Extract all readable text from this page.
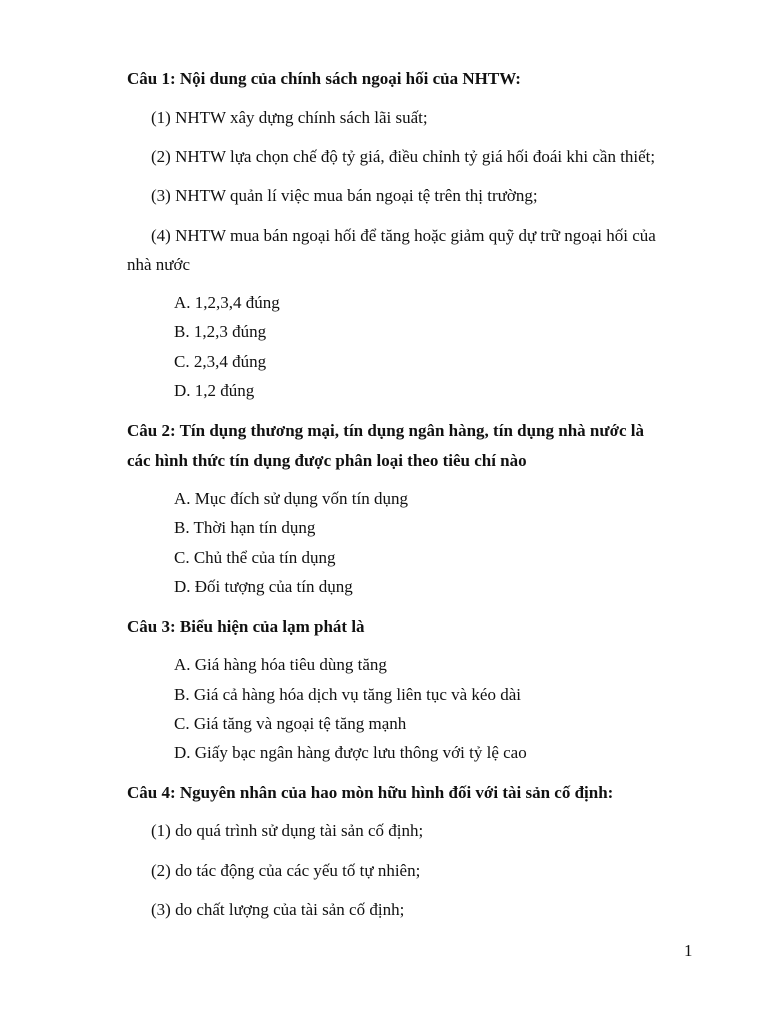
Câu 1: Nội dung của chính sách ngoại hối của NHTW:
(1) NHTW xây dựng chính sách lãi suất;
(2) NHTW lựa chọn chế độ tỷ giá, điều chỉnh tỷ giá hối đoái khi cần thiết;
(3) NHTW quản lí việc mua bán ngoại tệ trên thị trường;
(4) NHTW mua bán ngoại hối để tăng hoặc giảm quỹ dự trữ ngoại hối của
nhà nước
A. 1,2,3,4 đúng
B. 1,2,3 đúng
C. 2,3,4 đúng
D. 1,2 đúng
Câu 2: Tín dụng thương mại, tín dụng ngân hàng, tín dụng nhà nước là
các hình thức tín dụng được phân loại theo tiêu chí nào
A. Mục đích sử dụng vốn tín dụng
B. Thời hạn tín dụng
C. Chủ thể của tín dụng
D. Đối tượng của tín dụng
Câu 3: Biểu hiện của lạm phát là
A. Giá hàng hóa tiêu dùng tăng
B. Giá cả hàng hóa dịch vụ tăng liên tục và kéo dài
C. Giá tăng và ngoại tệ tăng mạnh
D. Giấy bạc ngân hàng được lưu thông với tỷ lệ cao
Câu 4: Nguyên nhân của hao mòn hữu hình đối với tài sản cố định:
(1) do quá trình sử dụng tài sản cố định;
(2) do tác động của các yếu tố tự nhiên;
(3) do chất lượng của tài sản cố định;
1
